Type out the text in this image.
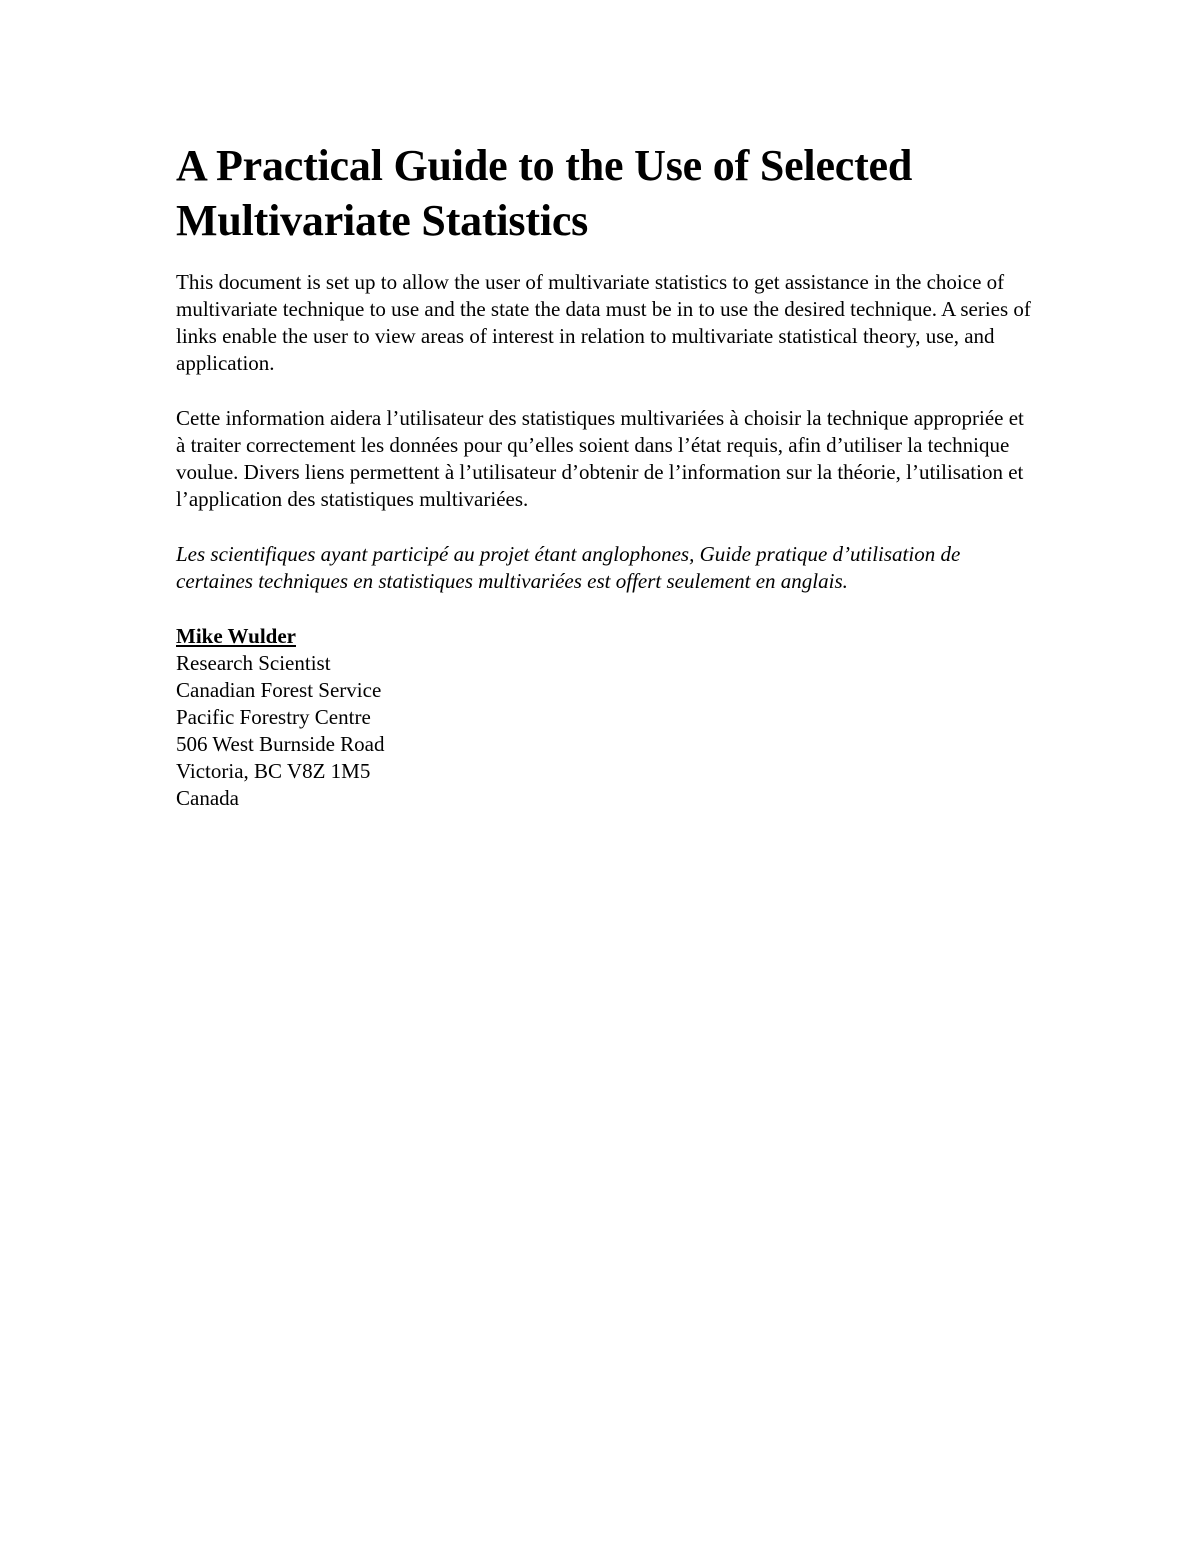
A Practical Guide to the Use of Selected Multivariate Statistics

This document is set up to allow the user of multivariate statistics to get assistance in the choice of multivariate technique to use and the state the data must be in to use the desired technique. A series of links enable the user to view areas of interest in relation to multivariate statistical theory, use, and application.

Cette information aidera l’utilisateur des statistiques multivariées à choisir la technique appropriée et à traiter correctement les données pour qu’elles soient dans l’état requis, afin d’utiliser la technique voulue. Divers liens permettent à l’utilisateur d’obtenir de l’information sur la théorie, l’utilisation et l’application des statistiques multivariées.

Les scientifiques ayant participé au projet étant anglophones, Guide pratique d’utilisation de certaines techniques en statistiques multivariées est offert seulement en anglais.

Mike Wulder
Research Scientist
Canadian Forest Service
Pacific Forestry Centre
506 West Burnside Road
Victoria, BC V8Z 1M5
Canada
